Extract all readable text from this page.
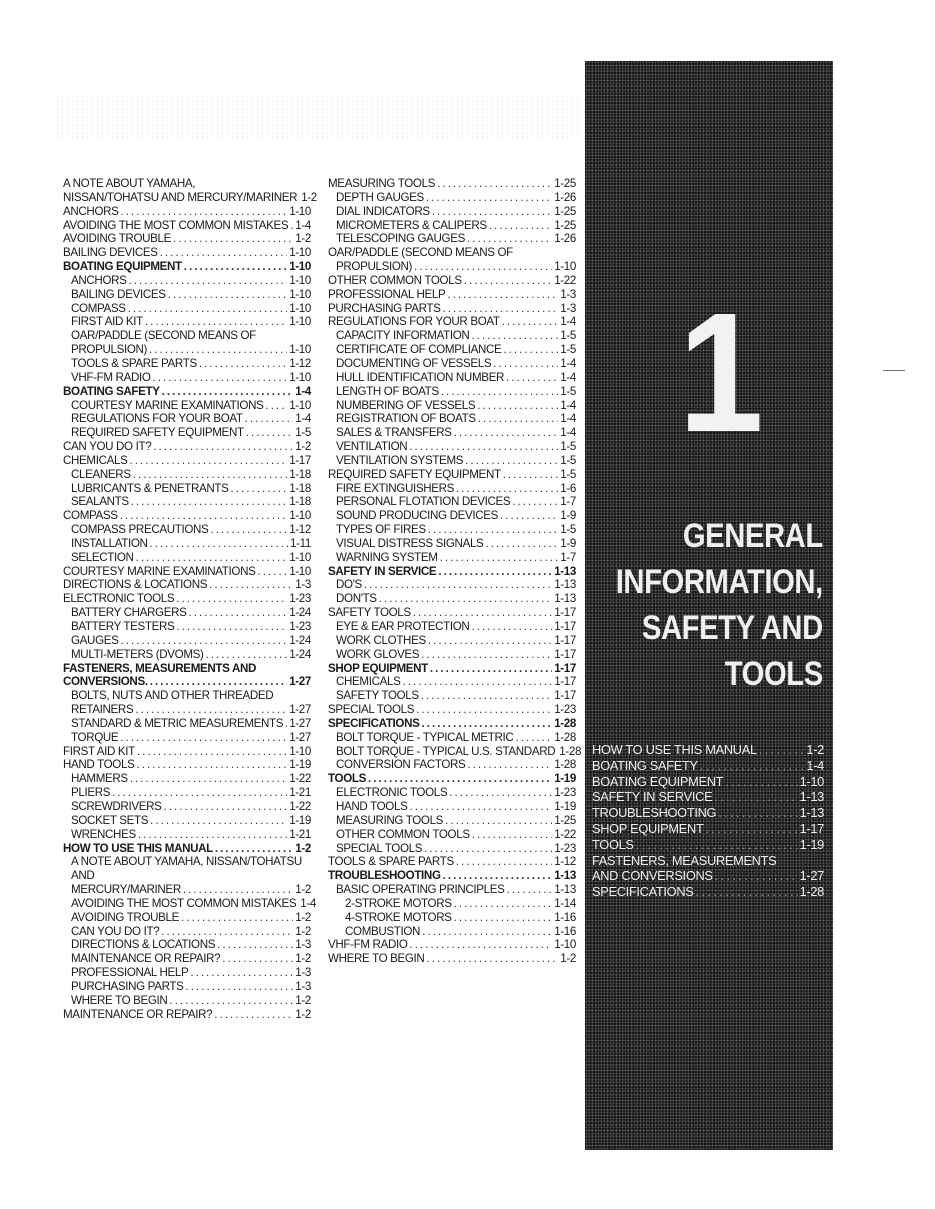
A NOTE ABOUT YAMAHA,
NISSAN/TOHATSU AND MERCURY/MARINER 1-2
ANCHORS . . .	1-10
AVOIDING THE MOST COMMON MISTAKES . . . 1-4
AVOIDING TROUBLE . . .	1-2
BAILING DEVICES . . .	1-10
BOATING EQUIPMENT . . .	1-10
ANCHORS . . .	1-10
BAILING DEVICES . . .	1-10
COMPASS . . .	1-10
FIRST AID KIT . . .	1-10
OAR/PADDLE (SECOND MEANS OF
PROPULSION) . . .	1-10
TOOLS & SPARE PARTS . . .	1-12
VHF-FM RADIO . . .	1-10
BOATING SAFETY . . .	1-4
COURTESY MARINE EXAMINATIONS . . . 1-10
REGULATIONS FOR YOUR BOAT . . .	1-4
REQUIRED SAFETY EQUIPMENT . . .	1-5
CAN YOU DO IT? . . .	1-2
CHEMICALS . . .	1-17
CLEANERS . . .	1-18
LUBRICANTS & PENETRANTS . . .	1-18
SEALANTS . . .	1-18
COMPASS . . .	1-10
COMPASS PRECAUTIONS . . .	1-12
INSTALLATION . . .	1-11
SELECTION . . .	1-10
COURTESY MARINE EXAMINATIONS . . .	1-10
DIRECTIONS & LOCATIONS . . .	1-3
ELECTRONIC TOOLS . . .	1-23
BATTERY CHARGERS . . .	1-24
BATTERY TESTERS . . .	1-23
GAUGES . . .	1-24
MULTI-METERS (DVOMS) . . .	1-24
FASTENERS, MEASUREMENTS AND
CONVERSIONS. . . .	1-27
BOLTS, NUTS AND OTHER THREADED
RETAINERS . . .	1-27
STANDARD & METRIC MEASUREMENTS . . . 1-27
TORQUE . . .	1-27
FIRST AID KIT . . .	1-10
HAND TOOLS . . .	1-19
HAMMERS . . .	1-22
PLIERS . . .	1-21
SCREWDRIVERS . . .	1-22
SOCKET SETS . . .	1-19
WRENCHES . . .	1-21
HOW TO USE THIS MANUAL . . .	1-2
A NOTE ABOUT YAMAHA, NISSAN/TOHATSU
AND
MERCURY/MARINER . . .	1-2
AVOIDING THE MOST COMMON MISTAKES 1-4
AVOIDING TROUBLE . . .	1-2
CAN YOU DO IT? . . .	1-2
DIRECTIONS & LOCATIONS . . .	1-3
MAINTENANCE OR REPAIR? . . .	1-2
PROFESSIONAL HELP . . .	1-3
PURCHASING PARTS . . .	1-3
WHERE TO BEGIN . . .	1-2
MAINTENANCE OR REPAIR? . . .	1-2
MEASURING TOOLS . . .	1-25
DEPTH GAUGES . . .	1-26
DIAL INDICATORS . . .	1-25
MICROMETERS & CALIPERS . . .	1-25
TELESCOPING GAUGES . . .	1-26
OAR/PADDLE (SECOND MEANS OF
PROPULSION) . . .	1-10
OTHER COMMON TOOLS . . .	1-22
PROFESSIONAL HELP . . .	1-3
PURCHASING PARTS . . .	1-3
REGULATIONS FOR YOUR BOAT . . .	1-4
CAPACITY INFORMATION . . .	1-5
CERTIFICATE OF COMPLIANCE . . .	1-5
DOCUMENTING OF VESSELS . . .	1-4
HULL IDENTIFICATION NUMBER . . .	1-4
LENGTH OF BOATS . . .	1-5
NUMBERING OF VESSELS . . .	1-4
REGISTRATION OF BOATS . . .	1-4
SALES & TRANSFERS . . .	1-4
VENTILATION . . .	1-5
VENTILATION SYSTEMS . . .	1-5
REQUIRED SAFETY EQUIPMENT . . .	1-5
FIRE EXTINGUISHERS . . .	1-6
PERSONAL FLOTATION DEVICES . . .	1-7
SOUND PRODUCING DEVICES . . .	1-9
TYPES OF FIRES . . .	1-5
VISUAL DISTRESS SIGNALS . . .	1-9
WARNING SYSTEM . . .	1-7
SAFETY IN SERVICE . . .	1-13
DO'S . . .	1-13
DON'TS . . .	1-13
SAFETY TOOLS . . .	1-17
EYE & EAR PROTECTION . . .	1-17
WORK CLOTHES . . .	1-17
WORK GLOVES . . .	1-17
SHOP EQUIPMENT . . .	1-17
CHEMICALS . . .	1-17
SAFETY TOOLS . . .	1-17
SPECIAL TOOLS . . .	1-23
SPECIFICATIONS . . .	1-28
BOLT TORQUE - TYPICAL METRIC . . .	1-28
BOLT TORQUE - TYPICAL U.S. STANDARD 1-28
CONVERSION FACTORS . . .	1-28
TOOLS . . .	1-19
ELECTRONIC TOOLS . . .	1-23
HAND TOOLS . . .	1-19
MEASURING TOOLS . . .	1-25
OTHER COMMON TOOLS . . .	1-22
SPECIAL TOOLS . . .	1-23
TOOLS & SPARE PARTS . . .	1-12
TROUBLESHOOTING . . .	1-13
BASIC OPERATING PRINCIPLES . . .	1-13
2-STROKE MOTORS . . .	1-14
4-STROKE MOTORS . . .	1-16
COMBUSTION . . .	1-16
VHF-FM RADIO . . .	1-10
WHERE TO BEGIN . . .	1-2
1
GENERAL
INFORMATION,
SAFETY AND
TOOLS
HOW TO USE THIS MANUAL . . .	1-2
BOATING SAFETY . . .	1-4
BOATING EQUIPMENT . . .	1-10
SAFETY IN SERVICE . . .	1-13
TROUBLESHOOTING . . .	1-13
SHOP EQUIPMENT . . .	1-17
TOOLS . . .	1-19
FASTENERS, MEASUREMENTS
AND CONVERSIONS . . .	1-27
SPECIFICATIONS . . .	1-28
